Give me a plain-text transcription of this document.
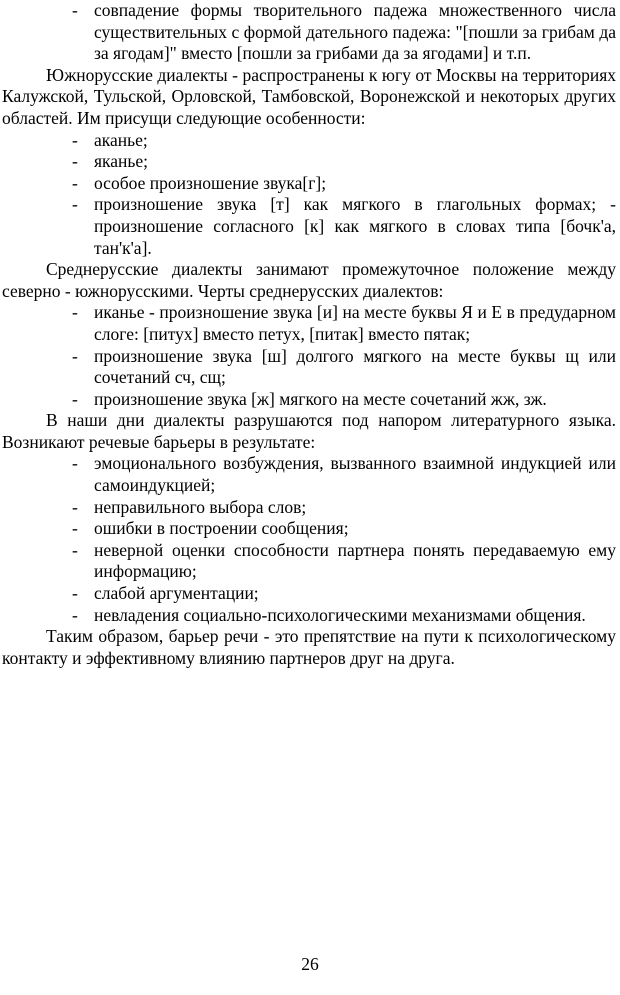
- совпадение формы творительного падежа множественного числа существительных с формой дательного падежа: "[пошли за грибам да за ягодам]" вместо [пошли за грибами да за ягодами] и т.п.

Южнорусские диалекты - распространены к югу от Москвы на территориях Калужской, Тульской, Орловской, Тамбовской, Воронежской и некоторых других областей. Им присущи следующие особенности:

- аканье;
- яканье;
- особое произношение звука[г];
- произношение звука [т] как мягкого в глагольных формах; - произношение согласного [к] как мягкого в словах типа [бочк'а, тан'к'а].

Среднерусские диалекты занимают промежуточное положение между северно - южнорусскими. Черты среднерусских диалектов:

- иканье - произношение звука [и] на месте буквы Я и Е в предударном слоге: [питух] вместо петух, [питак] вместо пятак;
- произношение звука [ш] долгого мягкого на месте буквы щ или сочетаний сч, сщ;
- произношение звука [ж] мягкого на месте сочетаний жж, зж.

В наши дни диалекты разрушаются под напором литературного языка. Возникают речевые барьеры в результате:

- эмоционального возбуждения, вызванного взаимной индукцией или самоиндукцией;
- неправильного выбора слов;
- ошибки в построении сообщения;
- неверной оценки способности партнера понять передаваемую ему информацию;
- слабой аргументации;
- невладения социально-психологическими механизмами общения.

Таким образом, барьер речи - это препятствие на пути к психологическому контакту и эффективному влиянию партнеров друг на друга.

26
